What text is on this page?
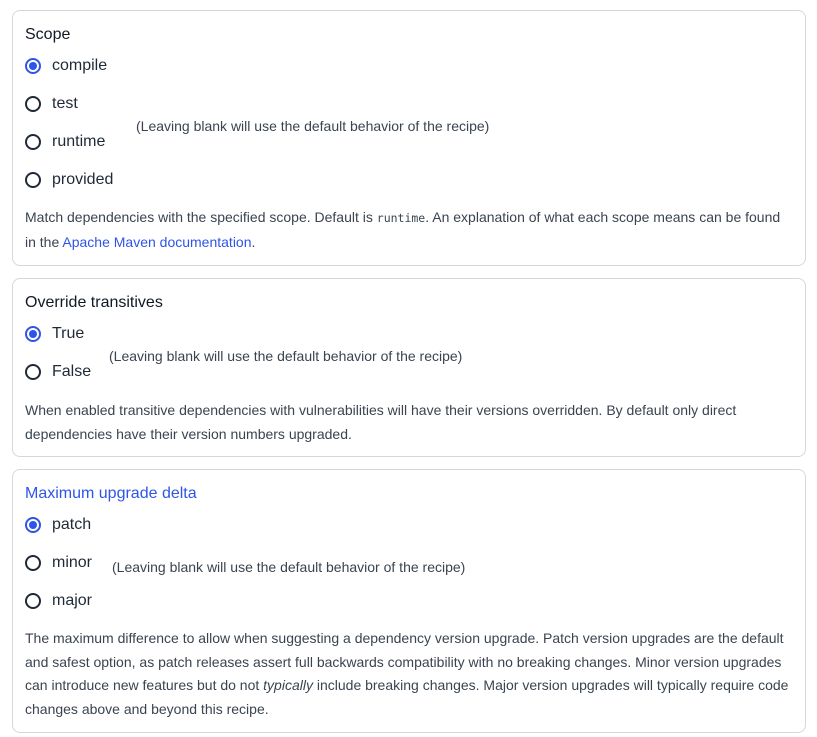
Scope
compile
test
runtime
provided
(Leaving blank will use the default behavior of the recipe)
Match dependencies with the specified scope. Default is runtime. An explanation of what each scope means can be found in the Apache Maven documentation.
Override transitives
True
False
(Leaving blank will use the default behavior of the recipe)
When enabled transitive dependencies with vulnerabilities will have their versions overridden. By default only direct dependencies have their version numbers upgraded.
Maximum upgrade delta
patch
minor
major
(Leaving blank will use the default behavior of the recipe)
The maximum difference to allow when suggesting a dependency version upgrade. Patch version upgrades are the default and safest option, as patch releases assert full backwards compatibility with no breaking changes. Minor version upgrades can introduce new features but do not typically include breaking changes. Major version upgrades will typically require code changes above and beyond this recipe.
